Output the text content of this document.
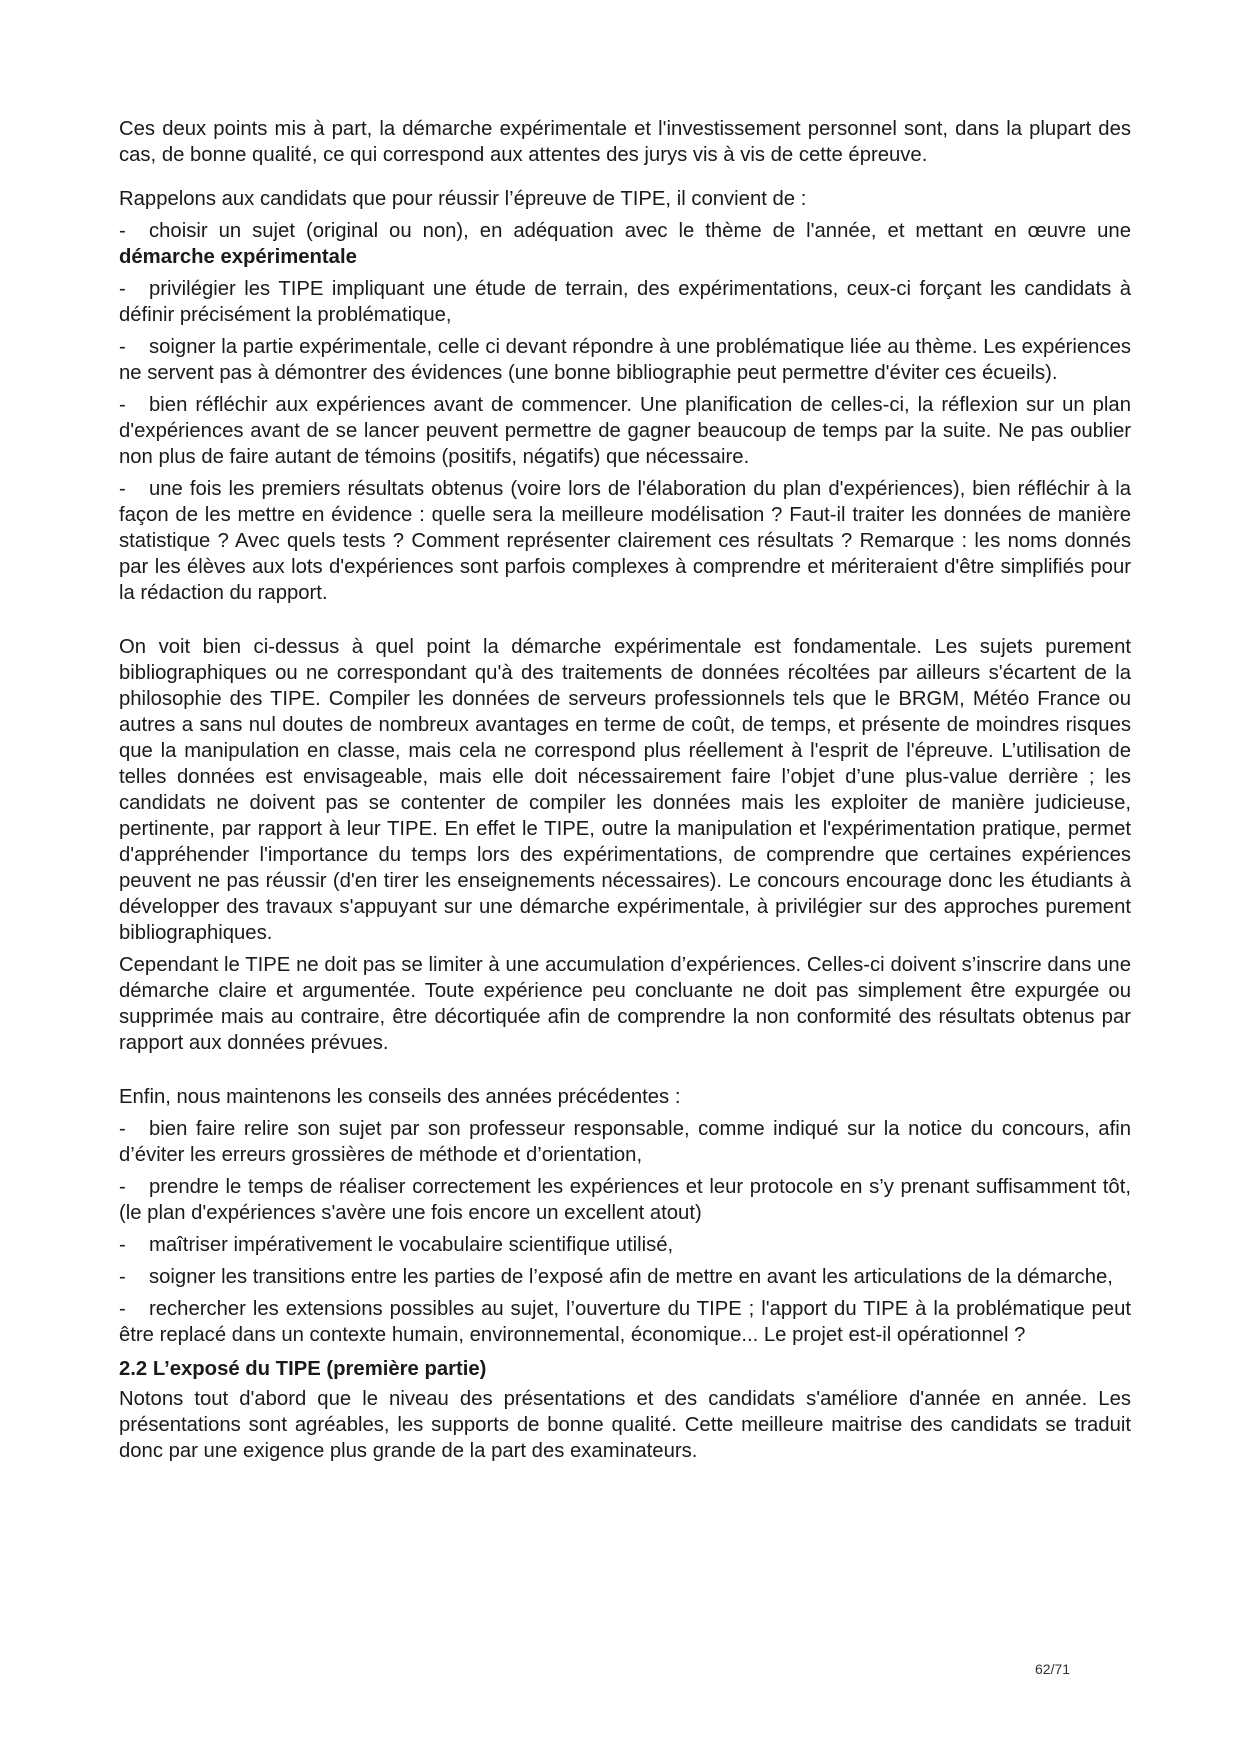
Ces deux points mis à part, la démarche expérimentale et l'investissement personnel sont, dans la plupart des cas, de bonne qualité, ce qui correspond aux attentes des jurys vis à vis de cette épreuve.

Rappelons aux candidats que pour réussir l’épreuve de TIPE, il convient de :

- choisir un sujet (original ou non), en adéquation avec le thème de l'année, et mettant en œuvre une démarche expérimentale

- privilégier les TIPE impliquant une étude de terrain, des expérimentations, ceux-ci forçant les candidats à définir précisément la problématique,

- soigner la partie expérimentale, celle ci devant répondre à une problématique liée au thème. Les expériences ne servent pas à démontrer des évidences (une bonne bibliographie peut permettre d'éviter ces écueils).

- bien réfléchir aux expériences avant de commencer. Une planification de celles-ci, la réflexion sur un plan d'expériences avant de se lancer peuvent permettre de gagner beaucoup de temps par la suite. Ne pas oublier non plus de faire autant de témoins (positifs, négatifs) que nécessaire.

- une fois les premiers résultats obtenus (voire lors de l'élaboration du plan d'expériences), bien réfléchir à la façon de les mettre en évidence : quelle sera la meilleure modélisation ? Faut-il traiter les données de manière statistique ? Avec quels tests ? Comment représenter clairement ces résultats ? Remarque : les noms donnés par les élèves aux lots d'expériences sont parfois complexes à comprendre et mériteraient d'être simplifiés pour la rédaction du rapport.

On voit bien ci-dessus à quel point la démarche expérimentale est fondamentale. Les sujets purement bibliographiques ou ne correspondant qu'à des traitements de données récoltées par ailleurs s'écartent de la philosophie des TIPE. Compiler les données de serveurs professionnels tels que le BRGM, Météo France ou autres a sans nul doutes de nombreux avantages en terme de coût, de temps, et présente de moindres risques que la manipulation en classe, mais cela ne correspond plus réellement à l'esprit de l'épreuve. L’utilisation de telles données est envisageable, mais elle doit nécessairement faire l’objet d’une plus-value derrière ; les candidats ne doivent pas se contenter de compiler les données mais les exploiter de manière judicieuse, pertinente, par rapport à leur TIPE. En effet le TIPE, outre la manipulation et l'expérimentation pratique, permet d'appréhender l'importance du temps lors des expérimentations, de comprendre que certaines expériences peuvent ne pas réussir (d'en tirer les enseignements nécessaires). Le concours encourage donc les étudiants à développer des travaux s'appuyant sur une démarche expérimentale, à privilégier sur des approches purement bibliographiques.

Cependant le TIPE ne doit pas se limiter à une accumulation d’expériences. Celles-ci doivent s’inscrire dans une démarche claire et argumentée. Toute expérience peu concluante ne doit pas simplement être expurgée ou supprimée mais au contraire, être décortiquée afin de comprendre la non conformité des résultats obtenus par rapport aux données prévues.

Enfin, nous maintenons les conseils des années précédentes :

- bien faire relire son sujet par son professeur responsable, comme indiqué sur la notice du concours, afin d’éviter les erreurs grossières de méthode et d’orientation,

- prendre le temps de réaliser correctement les expériences et leur protocole en s’y prenant suffisamment tôt, (le plan d'expériences s'avère une fois encore un excellent atout)

- maîtriser impérativement le vocabulaire scientifique utilisé,

- soigner les transitions entre les parties de l’exposé afin de mettre en avant les articulations de la démarche,

- rechercher les extensions possibles au sujet, l’ouverture du TIPE ; l'apport du TIPE à la problématique peut être replacé dans un contexte humain, environnemental, économique... Le projet est-il opérationnel ?

2.2 L’exposé du TIPE (première partie)

Notons tout d'abord que le niveau des présentations et des candidats s'améliore d'année en année. Les présentations sont agréables, les supports de bonne qualité. Cette meilleure maitrise des candidats se traduit donc par une exigence plus grande de la part des examinateurs.

62/71
